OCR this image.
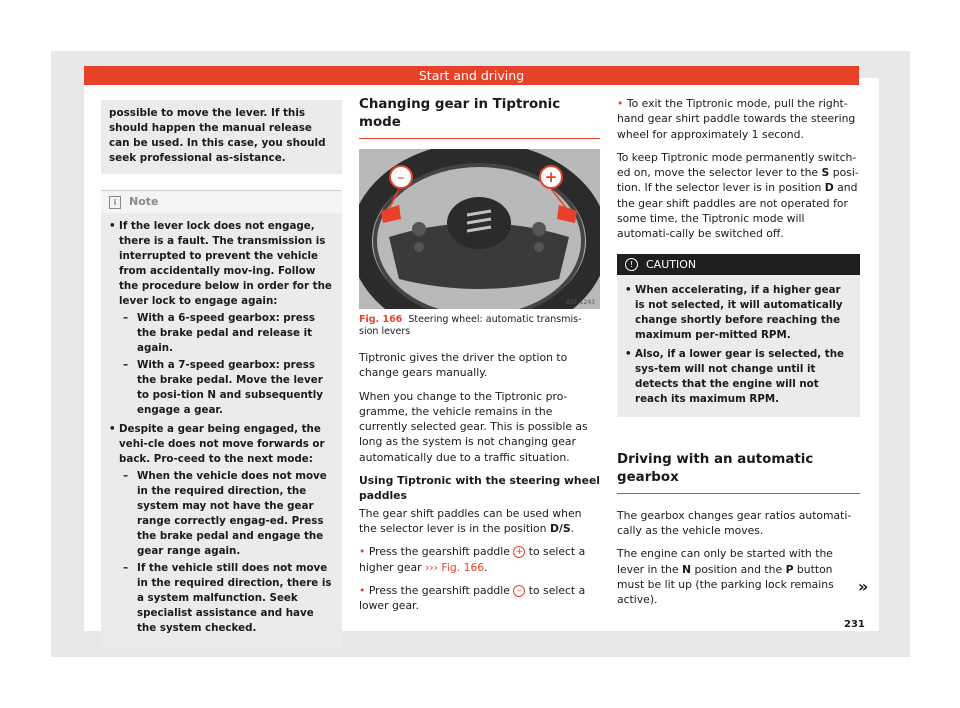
Start and driving
possible to move the lever. If this should happen the manual release can be used. In this case, you should seek professional as-sistance.
i Note
• If the lever lock does not engage, there is a fault. The transmission is interrupted to prevent the vehicle from accidentally mov-ing. Follow the procedure below in order for the lever lock to engage again:
– With a 6-speed gearbox: press the brake pedal and release it again.
– With a 7-speed gearbox: press the brake pedal. Move the lever to posi-tion N and subsequently engage a gear.
• Despite a gear being engaged, the vehi-cle does not move forwards or back. Pro-ceed to the next mode:
– When the vehicle does not move in the required direction, the system may not have the gear range correctly engag-ed. Press the brake pedal and engage the gear range again.
– If the vehicle still does not move in the required direction, there is a system malfunction. Seek specialist assistance and have the system checked.
Changing gear in Tiptronic mode
–	+
B5F-1243
Fig. 166 Steering wheel: automatic transmis-sion levers

Tiptronic gives the driver the option to change gears manually.

When you change to the Tiptronic pro-gramme, the vehicle remains in the currently selected gear. This is possible as long as the system is not changing gear automatically due to a traffic situation.

Using Tiptronic with the steering wheel paddles

The gear shift paddles can be used when the selector lever is in the position D/S.

• Press the gearshift paddle + to select a higher gear ››› Fig. 166.

• Press the gearshift paddle – to select a lower gear.

• To exit the Tiptronic mode, pull the right-hand gear shirt paddle towards the steering wheel for approximately 1 second.

To keep Tiptronic mode permanently switch-ed on, move the selector lever to the S posi-tion. If the selector lever is in position D and the gear shift paddles are not operated for some time, the Tiptronic mode will automati-cally be switched off.

! CAUTION
• When accelerating, if a higher gear is not selected, it will automatically change shortly before reaching the maximum per-mitted RPM.
• Also, if a lower gear is selected, the sys-tem will not change until it detects that the engine will not reach its maximum RPM.
Driving with an automatic gearbox

The gearbox changes gear ratios automati-cally as the vehicle moves.

The engine can only be started with the lever in the N position and the P button must be lit up (the parking lock remains active).

»
231
